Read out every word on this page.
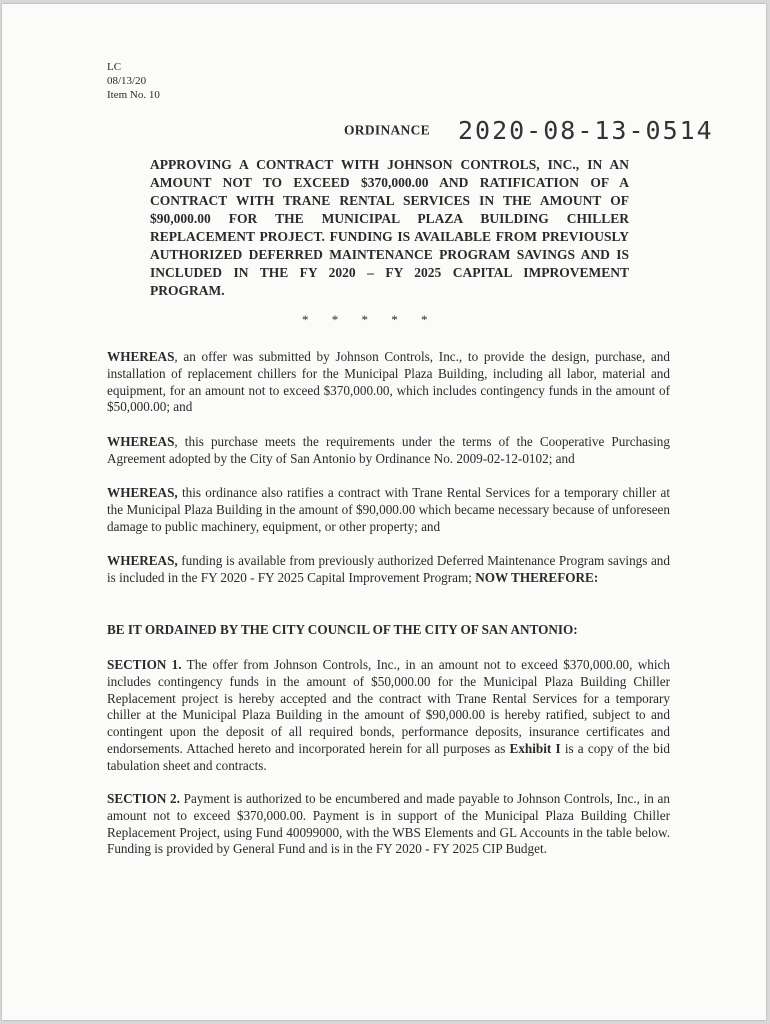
LC
08/13/20
Item No. 10
ORDINANCE 2020-08-13-0514
APPROVING A CONTRACT WITH JOHNSON CONTROLS, INC., IN AN AMOUNT NOT TO EXCEED $370,000.00 AND RATIFICATION OF A CONTRACT WITH TRANE RENTAL SERVICES IN THE AMOUNT OF $90,000.00 FOR THE MUNICIPAL PLAZA BUILDING CHILLER REPLACEMENT PROJECT. FUNDING IS AVAILABLE FROM PREVIOUSLY AUTHORIZED DEFERRED MAINTENANCE PROGRAM SAVINGS AND IS INCLUDED IN THE FY 2020 – FY 2025 CAPITAL IMPROVEMENT PROGRAM.
* * * * *

WHEREAS, an offer was submitted by Johnson Controls, Inc., to provide the design, purchase, and installation of replacement chillers for the Municipal Plaza Building, including all labor, material and equipment, for an amount not to exceed $370,000.00, which includes contingency funds in the amount of $50,000.00; and

WHEREAS, this purchase meets the requirements under the terms of the Cooperative Purchasing Agreement adopted by the City of San Antonio by Ordinance No. 2009-02-12-0102; and

WHEREAS, this ordinance also ratifies a contract with Trane Rental Services for a temporary chiller at the Municipal Plaza Building in the amount of $90,000.00 which became necessary because of unforeseen damage to public machinery, equipment, or other property; and

WHEREAS, funding is available from previously authorized Deferred Maintenance Program savings and is included in the FY 2020 - FY 2025 Capital Improvement Program; NOW THEREFORE:

BE IT ORDAINED BY THE CITY COUNCIL OF THE CITY OF SAN ANTONIO:

SECTION 1. The offer from Johnson Controls, Inc., in an amount not to exceed $370,000.00, which includes contingency funds in the amount of $50,000.00 for the Municipal Plaza Building Chiller Replacement project is hereby accepted and the contract with Trane Rental Services for a temporary chiller at the Municipal Plaza Building in the amount of $90,000.00 is hereby ratified, subject to and contingent upon the deposit of all required bonds, performance deposits, insurance certificates and endorsements. Attached hereto and incorporated herein for all purposes as Exhibit I is a copy of the bid tabulation sheet and contracts.

SECTION 2. Payment is authorized to be encumbered and made payable to Johnson Controls, Inc., in an amount not to exceed $370,000.00. Payment is in support of the Municipal Plaza Building Chiller Replacement Project, using Fund 40099000, with the WBS Elements and GL Accounts in the table below. Funding is provided by General Fund and is in the FY 2020 - FY 2025 CIP Budget.
